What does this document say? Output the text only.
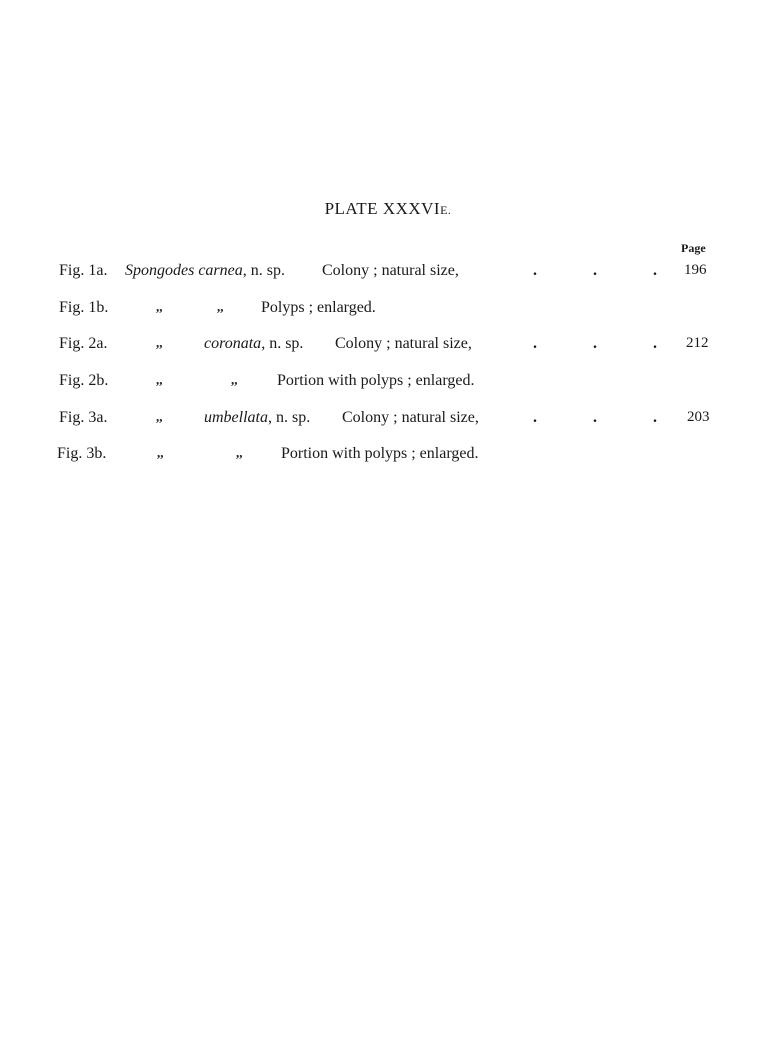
PLATE XXXVIE.
Page
Fig. 1a. Spongodes carnea, n. sp. Colony ; natural size,	.	.	. 196
Fig. 1b.	,,	,, Polyps ; enlarged.
Fig. 2a.	,,	coronata, n. sp. Colony ; natural size,	.	.	. 212
Fig. 2b.	,,	,, Portion with polyps ; enlarged.
Fig. 3a.	,,	umbellata, n. sp. Colony ; natural size,	.	.	. 203
Fig. 3b.	,,	,, Portion with polyps ; enlarged.
